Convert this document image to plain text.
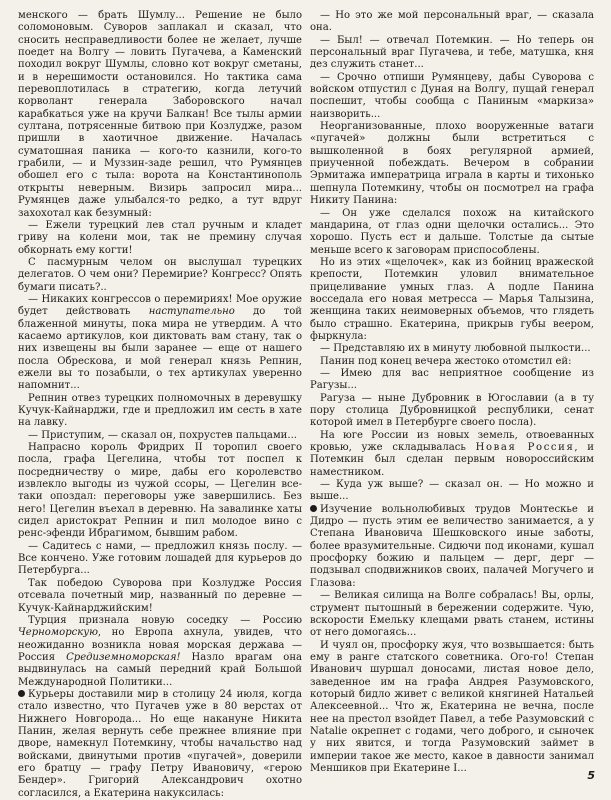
менского — брать Шумлу... Решение не было соломоновым. Суворов заплакал и сказал, что сносить несправедливости более не желает, лучше поедет на Волгу — ловить Пугачева, а Каменский походил вокруг Шумлы, словно кот вокруг сметаны, и в нерешимости остановился. Но тактика сама перевоплотилась в стратегию, когда летучий корволант генерала Заборовского начал карабкаться уже на кручи Балкан! Все тылы армии султана, потрясенные битвою при Козлудже, разом пришли в хаотичное движение. Началась суматошная паника — кого-то казнили, кого-то грабили, — и Муззин-заде решил, что Румянцев обошел его с тыла: ворота на Константинополь открыты неверным. Визирь запросил мира... Румянцев даже улыбался-то редко, а тут вдруг захохотал как безумный:

— Ежели турецкий лев стал ручным и кладет гриву на колени мои, так не премину случая обкорнать ему когти!

С пасмурным челом он выслушал турецких делегатов. О чем они? Перемирие? Конгресс? Опять бумаги писать?..

— Никаких конгрессов о перемириях! Мое оружие будет действовать наступательно до той блаженной минуты, пока мира не утвердим. А что касаемо артикулов, кои диктовать вам стану, так о них извещены вы были заранее — еще от нашего посла Обрескова, и мой генерал князь Репнин, ежели вы то позабыли, о тех артикулах уверенно напомнит...

Репнин отвез турецких полномочных в деревушку Кучук-Кайнарджи, где и предложил им сесть в хате на лавку.

— Приступим, — сказал он, похрустев пальцами...

Напрасно король Фридрих II торопил своего посла, графа Цегелина, чтобы тот поспел к посредничеству о мире, дабы его королевство извлекло выгоды из чужой ссоры, — Цегелин все-таки опоздал: переговоры уже завершились. Без него! Цегелин въехал в деревню. На завалинке хаты сидел аристократ Репнин и пил молодое вино с ренс-эфенди Ибрагимом, бывшим рабом.

— Садитесь с нами, — предложил князь послу. — Все кончено. Уже готовим лошадей для курьеров до Петербурга...

Так победою Суворова при Козлудже Россия отсевала почетный мир, названный по деревне — Кучук-Кайнарджийским!

Турция признала новую соседку — Россию Черноморскую, но Европа ахнула, увидев, что неожиданно возникла новая морская держава — Россия Средиземноморская! Назло врагам она выдвинулась на самый передний край Большой Международной Политики...

Курьеры доставили мир в столицу 24 июля, когда стало известно, что Пугачев уже в 80 верстах от Нижнего Новгорода... Но еще накануне Никита Панин, желая вернуть себе прежнее влияние при дворе, намекнул Потемкину, чтобы начальство над войсками, двинутыми против «пугачей», доверили его братцу — графу Петру Ивановичу, «герою Бендер». Григорий Александрович охотно согласился, а Екатерина накуксилась:

— Но это же мой персональный враг, — сказала она.

— Был! — отвечал Потемкин. — Но теперь он персональный враг Пугачева, и тебе, матушка, кня дез служить станет...

— Срочно отпиши Румянцеву, дабы Суворова с войском отпустил с Дуная на Волгу, пущай генерал поспешит, чтобы сообща с Паниным «маркиза» наизворить...

Неорганизованные, плохо вооруженные ватаги «пугачей» должны были встретиться с вышколенной в боях регулярной армией, приученной побеждать. Вечером в собрании Эрмитажа императрица играла в карты и тихонько шепнула Потемкину, чтобы он посмотрел на графа Никиту Панина:

— Он уже сделался похож на китайского мандарина, от глаз одни щелочки остались... Это хорошо. Пусть ест и дальше. Толстые да сытые меньше всего к заговорам приспособлены.

Но из этих «щелочек», как из бойниц вражеской крепости, Потемкин уловил внимательное прицеливание умных глаз. А подле Панина восседала его новая метресса — Марья Талызина, женщина таких неимоверных объемов, что глядеть было страшно. Екатерина, прикрыв губы веером, фыркнула:

— Представляю их в минуту любовной пылкости...

Панин под конец вечера жестоко отомстил ей:

— Имею для вас неприятное сообщение из Рагузы...

Рагуза — ныне Дубровник в Югославии (а в ту пору столица Дубровницкой республики, сенат которой имел в Петербурге своего посла).

На юге России из новых земель, отвоеванных кровью, уже складывалась Новая Россия, и Потемкин был сделан первым новороссийским наместником.

— Куда уж выше? — сказал он. — Но можно и выше...

Изучение вольнолюбивых трудов Монтескье и Дидро — пусть этим ее величество занимается, а у Степана Ивановича Шешковского иные заботы, более вразумительные. Сидючи под иконами, кушал просфорку божию и пальцем — дерг, дерг — подзывал сподвижников своих, палачей Могучего и Глазова:

— Великая силища на Волге собралась! Вы, орлы, струмент пытошный в бережении содержите. Чую, вскорости Емельку клещами рвать станем, истины от него домогаясь...

И чуял он, просфорку жуя, что возвышается: быть ему в ранге статского советника. Ого-го! Степан Иванович шуршал доносами, листая новое дело, заведенное им на графа Андрея Разумовского, который бидло живет с великой княгиней Натальей Алексеевной... Что ж, Екатерина не вечна, после нее на престол взойдет Павел, а тебе Разумовский с Natalie окрепнет с годами, чего доброго, и сыночек у них явится, и тогда Разумовский займет в империи такое же место, какое в давности занимал Меншиков при Екатерине I...

5
